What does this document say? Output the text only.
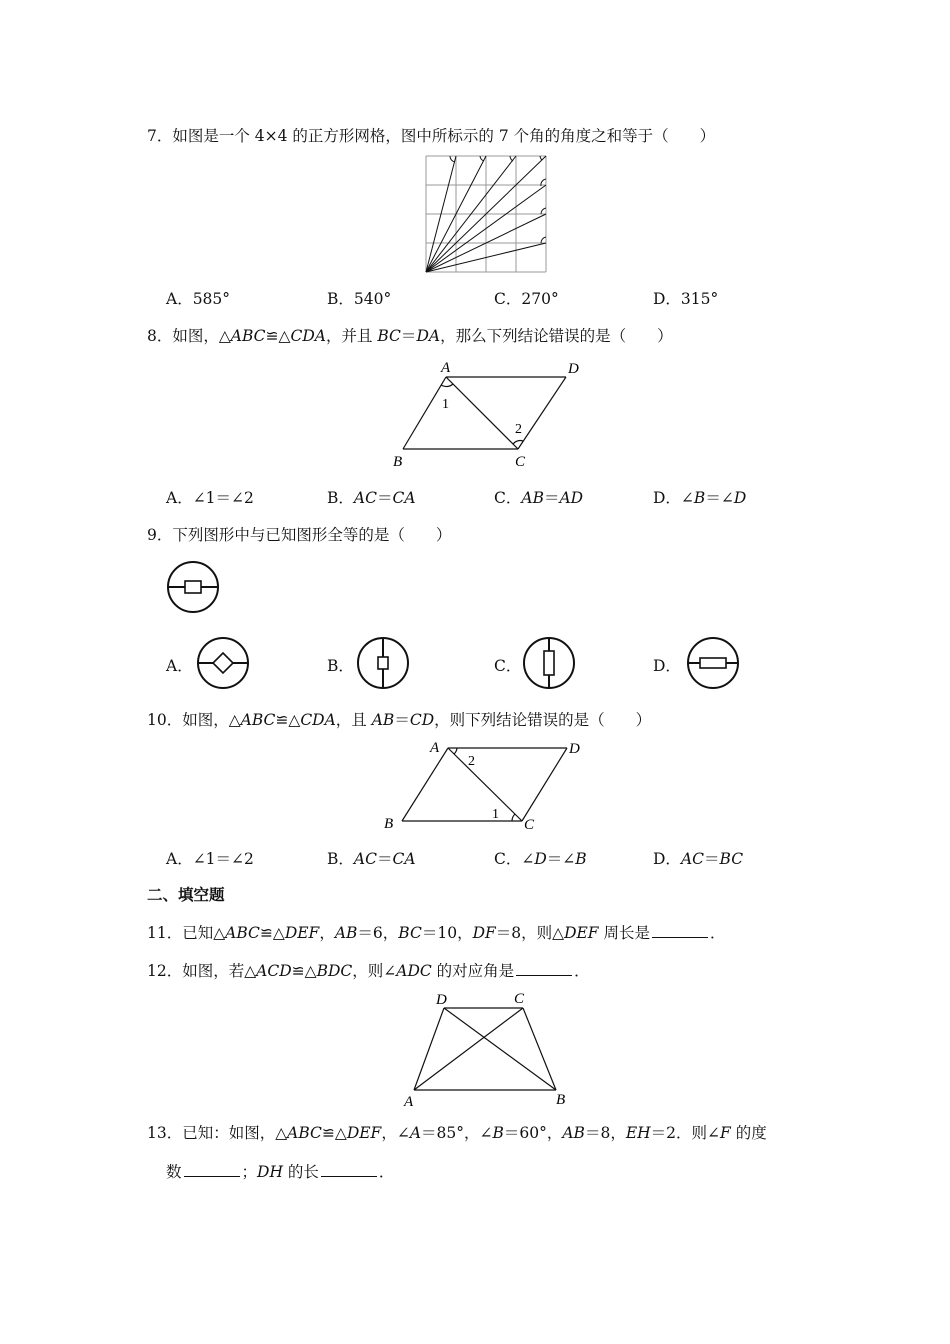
7．如图是一个 4×4 的正方形网格，图中所标示的 7 个角的角度之和等于（　　）
A．585°	B．540°	C．270°	D．315°
8．如图，△ABC≌△CDA，并且 BC＝DA，那么下列结论错误的是（　　）
A	D
1
2
B	C
A．∠1＝∠2	B．AC＝CA	C．AB＝AD	D．∠B＝∠D
9．下列图形中与已知图形全等的是（　　）
A．	B．	C．	D．
10．如图，△ABC≌△CDA，且 AB＝CD，则下列结论错误的是（　　）
A
2
D
B
1
C
A．∠1＝∠2	B．AC＝CA	C．∠D＝∠B	D．AC＝BC
二、填空题
11．已知△ABC≌△DEF，AB＝6，BC＝10，DF＝8，则△DEF 周长是	．
12．如图，若△ACD≌△BDC，则∠ADC 的对应角是	．
D	C
A	B
13．已知：如图，△ABC≌△DEF，∠A＝85°，∠B＝60°，AB＝8，EH＝2．则∠F 的度
数	；DH 的长	．
